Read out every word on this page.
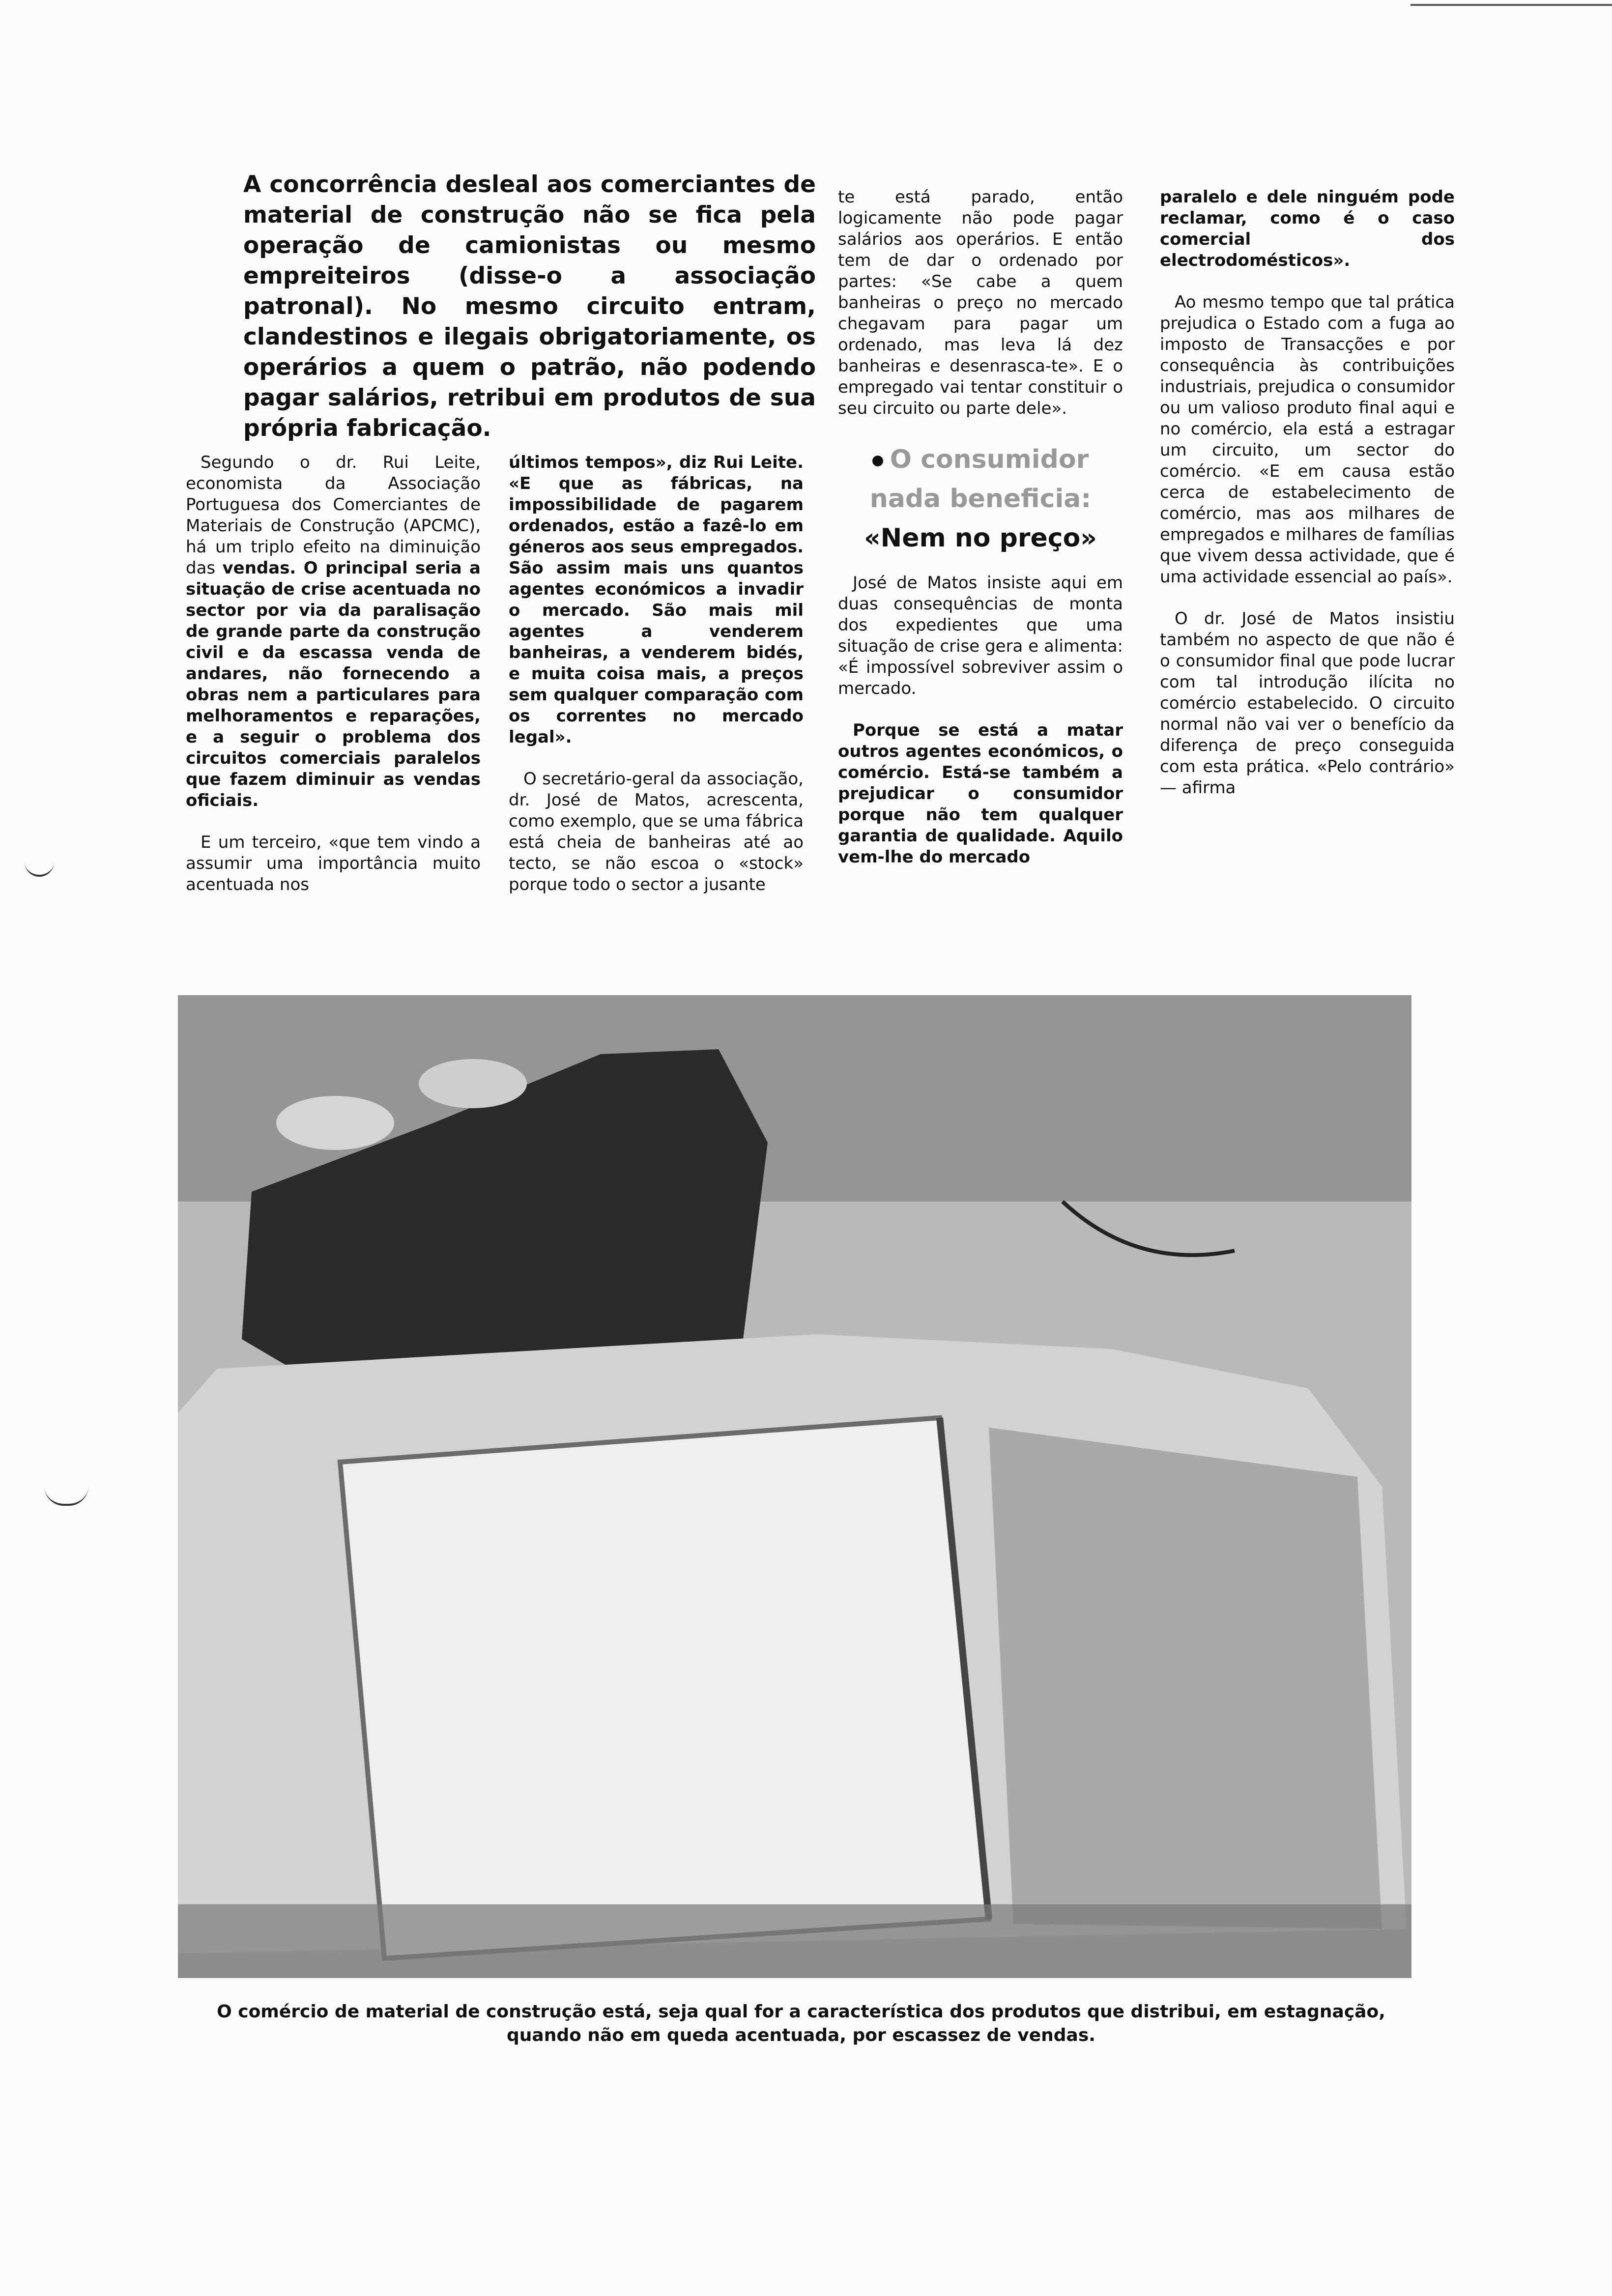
A concorrência desleal aos comerciantes de material de construção não se fica pela operação de camionistas ou mesmo empreiteiros (disse-o a associação patronal). No mesmo circuito entram, clandestinos e ilegais obrigatoriamente, os operários a quem o patrão, não podendo pagar salários, retribui em produtos de sua própria fabricação.

Segundo o dr. Rui Leite, economista da Associação Portuguesa dos Comerciantes de Materiais de Construção (APCMC), há um triplo efeito na diminuição das vendas. O principal seria a situação de crise acentuada no sector por via da paralisação de grande parte da construção civil e da escassa venda de andares, não fornecendo a obras nem a particulares para melhoramentos e reparações, e a seguir o problema dos circuitos comerciais paralelos que fazem diminuir as vendas oficiais.

E um terceiro, «que tem vindo a assumir uma importância muito acentuada nos

últimos tempos», diz Rui Leite. «E que as fábricas, na impossibilidade de pagarem ordenados, estão a fazê-lo em géneros aos seus empregados. São assim mais uns quantos agentes económicos a invadir o mercado. São mais mil agentes a venderem banheiras, a venderem bidés, e muita coisa mais, a preços sem qualquer comparação com os correntes no mercado legal».

O secretário-geral da associação, dr. José de Matos, acrescenta, como exemplo, que se uma fábrica está cheia de banheiras até ao tecto, se não escoa o «stock» porque todo o sector a jusante

te está parado, então logicamente não pode pagar salários aos operários. E então tem de dar o ordenado por partes: «Se cabe a quem banheiras o preço no mercado chegavam para pagar um ordenado, mas leva lá dez banheiras e desenrasca-te». E o empregado vai tentar constituir o seu circuito ou parte dele».

O consumidor
nada beneficia:
«Nem no preço»

José de Matos insiste aqui em duas consequências de monta dos expedientes que uma situação de crise gera e alimenta: «É impossível sobreviver assim o mercado.

Porque se está a matar outros agentes económicos, o comércio. Está-se também a prejudicar o consumidor porque não tem qualquer garantia de qualidade. Aquilo vem-lhe do mercado

paralelo e dele ninguém pode reclamar, como é o caso comercial dos electrodomésticos».

Ao mesmo tempo que tal prática prejudica o Estado com a fuga ao imposto de Transacções e por consequência às contribuições industriais, prejudica o consumidor ou um valioso produto final aqui e no comércio, ela está a estragar um circuito, um sector do comércio. «E em causa estão cerca de estabelecimento de comércio, mas aos milhares de empregados e milhares de famílias que vivem dessa actividade, que é uma actividade essencial ao país».

O dr. José de Matos insistiu também no aspecto de que não é o consumidor final que pode lucrar com tal introdução ilícita no comércio estabelecido. O circuito normal não vai ver o benefício da diferença de preço conseguida com esta prática. «Pelo contrário» — afirma

O comércio de material de construção está, seja qual for a característica dos produtos que distribui, em estagnação,
quando não em queda acentuada, por escassez de vendas.
